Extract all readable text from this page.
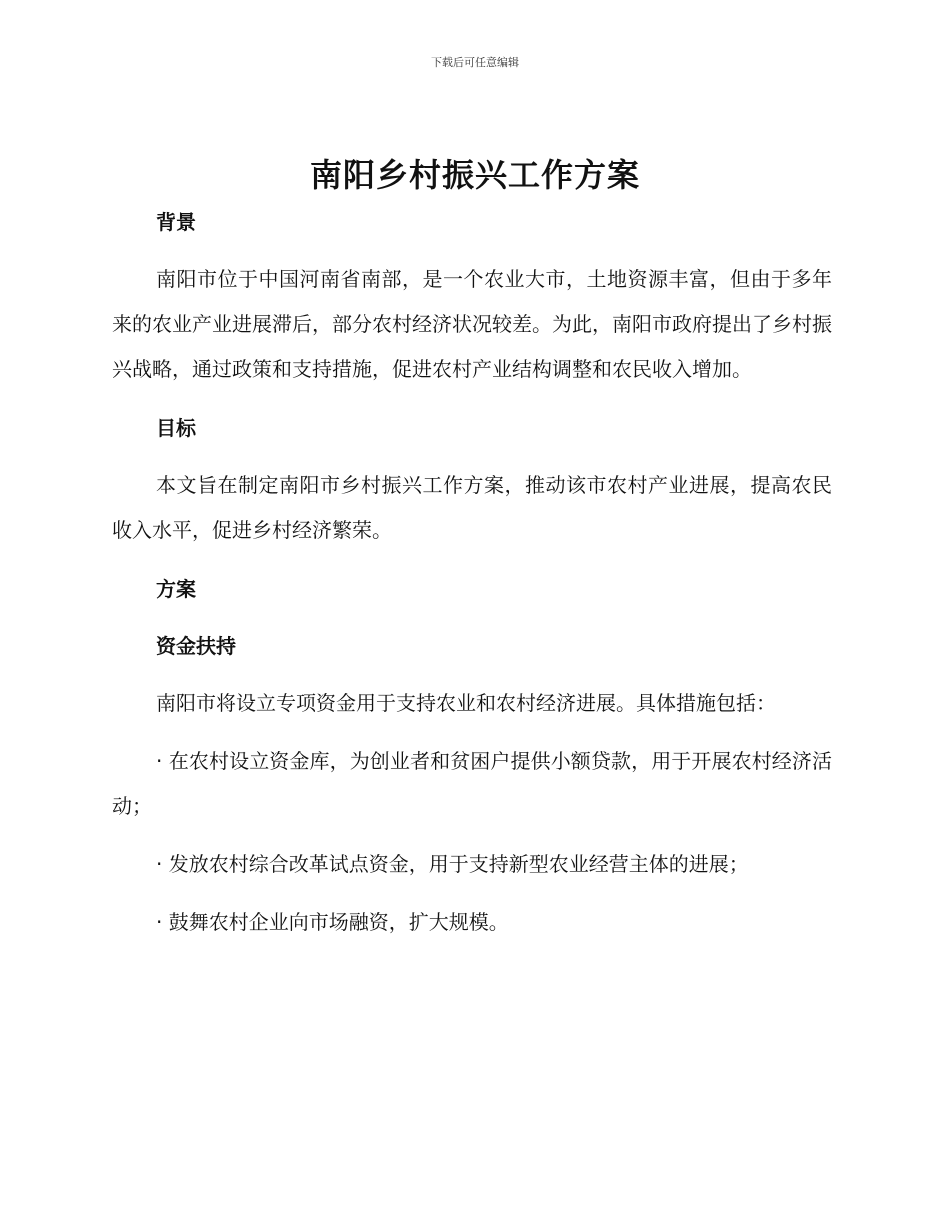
下载后可任意编辑
南阳乡村振兴工作方案

背景

南阳市位于中国河南省南部，是一个农业大市，土地资源丰富，但由于多年来的农业产业进展滞后，部分农村经济状况较差。为此，南阳市政府提出了乡村振兴战略，通过政策和支持措施，促进农村产业结构调整和农民收入增加。

目标

本文旨在制定南阳市乡村振兴工作方案，推动该市农村产业进展，提高农民收入水平，促进乡村经济繁荣。

方案

资金扶持

南阳市将设立专项资金用于支持农业和农村经济进展。具体措施包括：

· 在农村设立资金库，为创业者和贫困户提供小额贷款，用于开展农村经济活动；

· 发放农村综合改革试点资金，用于支持新型农业经营主体的进展；

· 鼓舞农村企业向市场融资，扩大规模。
